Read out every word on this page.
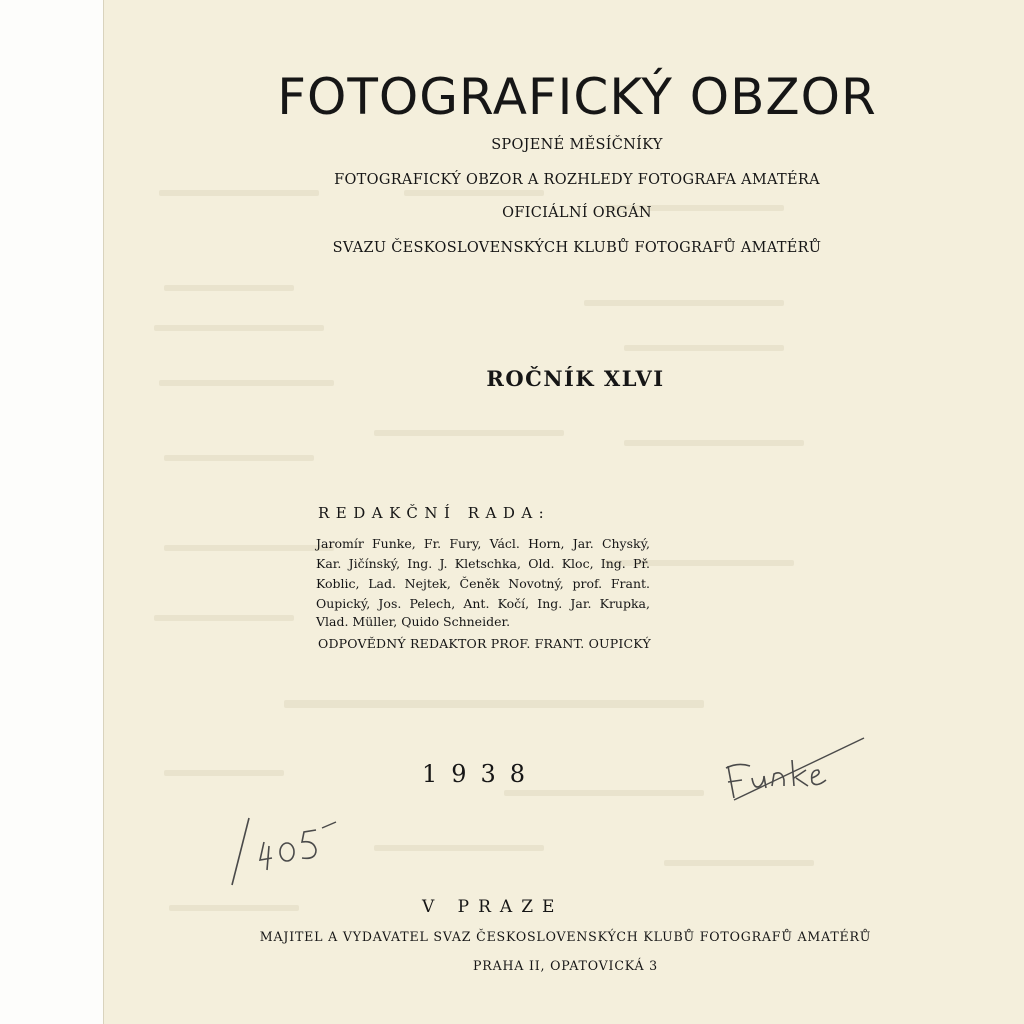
FOTOGRAFICKÝ OBZOR
SPOJENÉ MĚSÍČNÍKY
FOTOGRAFICKÝ OBZOR A ROZHLEDY FOTOGRAFA AMATÉRA
OFICIÁLNÍ ORGÁN
SVAZU ČESKOSLOVENSKÝCH KLUBŮ FOTOGRAFŮ AMATÉRŮ
ROČNÍK XLVI
REDAKČNÍ RADA:
Jaromír Funke, Fr. Fury, Václ. Horn, Jar. Chyský,
Kar. Jičínský, Ing. J. Kletschka, Old. Kloc, Ing. Př.
Koblic, Lad. Nejtek, Čeněk Novotný, prof. Frant.
Oupický, Jos. Pelech, Ant. Kočí, Ing. Jar. Krupka,
Vlad. Müller, Quido Schneider.
ODPOVĚDNÝ REDAKTOR PROF. FRANT. OUPICKÝ
1938
V PRAZE
MAJITEL A VYDAVATEL SVAZ ČESKOSLOVENSKÝCH KLUBŮ FOTOGRAFŮ AMATÉRŮ
PRAHA II, OPATOVICKÁ 3
